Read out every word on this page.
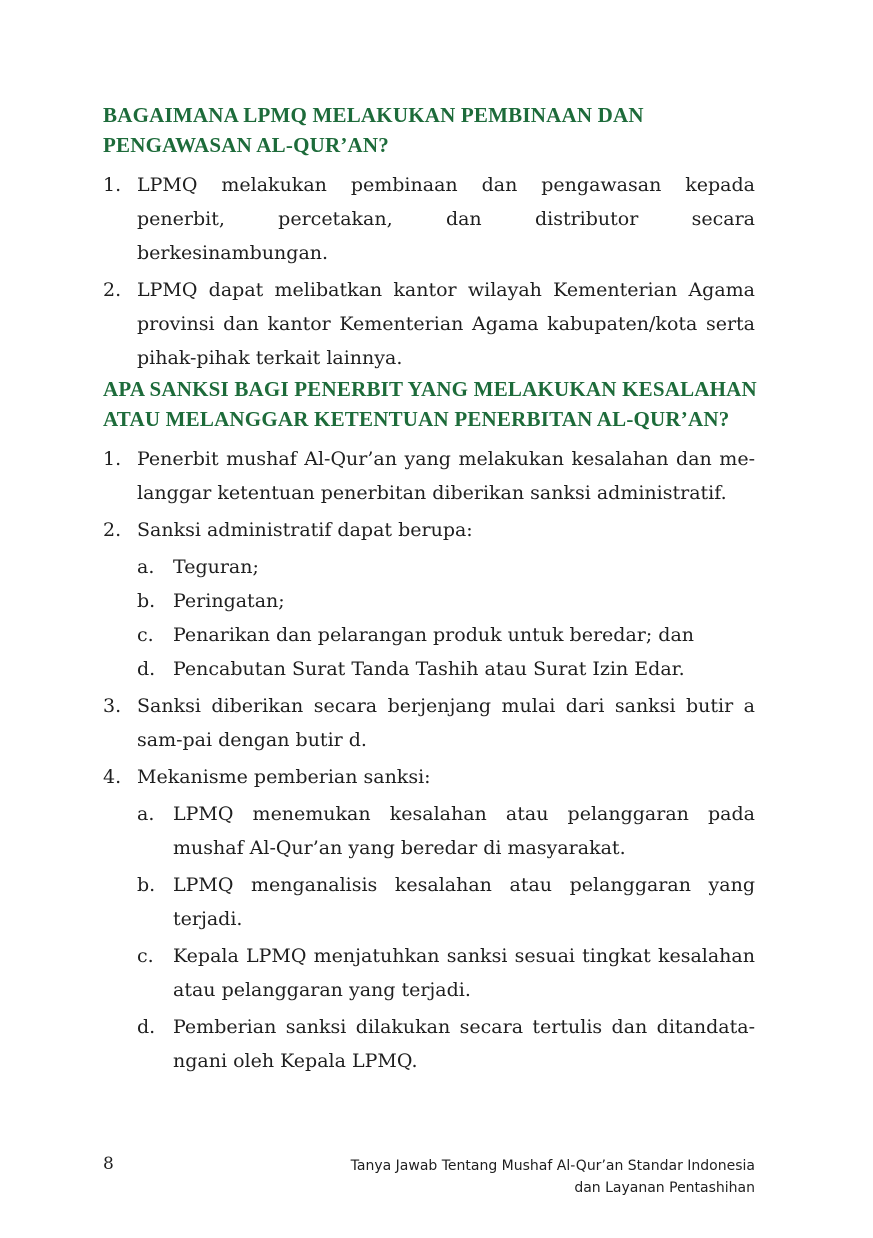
BAGAIMANA LPMQ MELAKUKAN PEMBINAAN DAN
PENGAWASAN AL-QUR’AN?
1. LPMQ melakukan pembinaan dan pengawasan kepada penerbit, percetakan, dan distributor secara berkesinambungan.
2. LPMQ dapat melibatkan kantor wilayah Kementerian Agama provinsi dan kantor Kementerian Agama kabupaten/kota serta pihak-pihak terkait lainnya.
APA SANKSI BAGI PENERBIT YANG MELAKUKAN KESALAHAN
ATAU MELANGGAR KETENTUAN PENERBITAN AL-QUR’AN?
1. Penerbit mushaf Al-Qur’an yang melakukan kesalahan dan me-langgar ketentuan penerbitan diberikan sanksi administratif.
2. Sanksi administratif dapat berupa:
a. Teguran;
b. Peringatan;
c. Penarikan dan pelarangan produk untuk beredar; dan
d. Pencabutan Surat Tanda Tashih atau Surat Izin Edar.
3. Sanksi diberikan secara berjenjang mulai dari sanksi butir a sam-pai dengan butir d.
4. Mekanisme pemberian sanksi:
a. LPMQ menemukan kesalahan atau pelanggaran pada mushaf Al-Qur’an yang beredar di masyarakat.
b. LPMQ menganalisis kesalahan atau pelanggaran yang terjadi.
c. Kepala LPMQ menjatuhkan sanksi sesuai tingkat kesalahan atau pelanggaran yang terjadi.
d. Pemberian sanksi dilakukan secara tertulis dan ditandata-ngani oleh Kepala LPMQ.
8	Tanya Jawab Tentang Mushaf Al-Qur’an Standar Indonesia
dan Layanan Pentashihan
